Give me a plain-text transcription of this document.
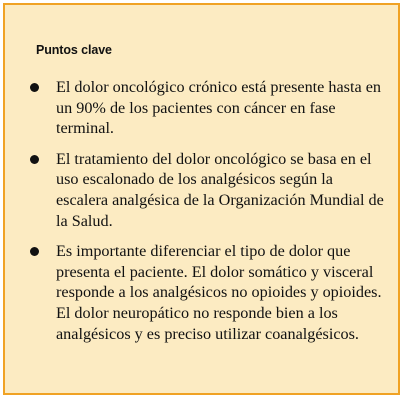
Puntos clave
El dolor oncológico crónico está presente hasta en un 90% de los pacientes con cáncer en fase terminal.
El tratamiento del dolor oncológico se basa en el uso escalonado de los analgésicos según la escalera analgésica de la Organización Mundial de la Salud.
Es importante diferenciar el tipo de dolor que presenta el paciente. El dolor somático y visceral responde a los analgésicos no opioides y opioides. El dolor neuropático no responde bien a los analgésicos y es preciso utilizar coanalgésicos.
